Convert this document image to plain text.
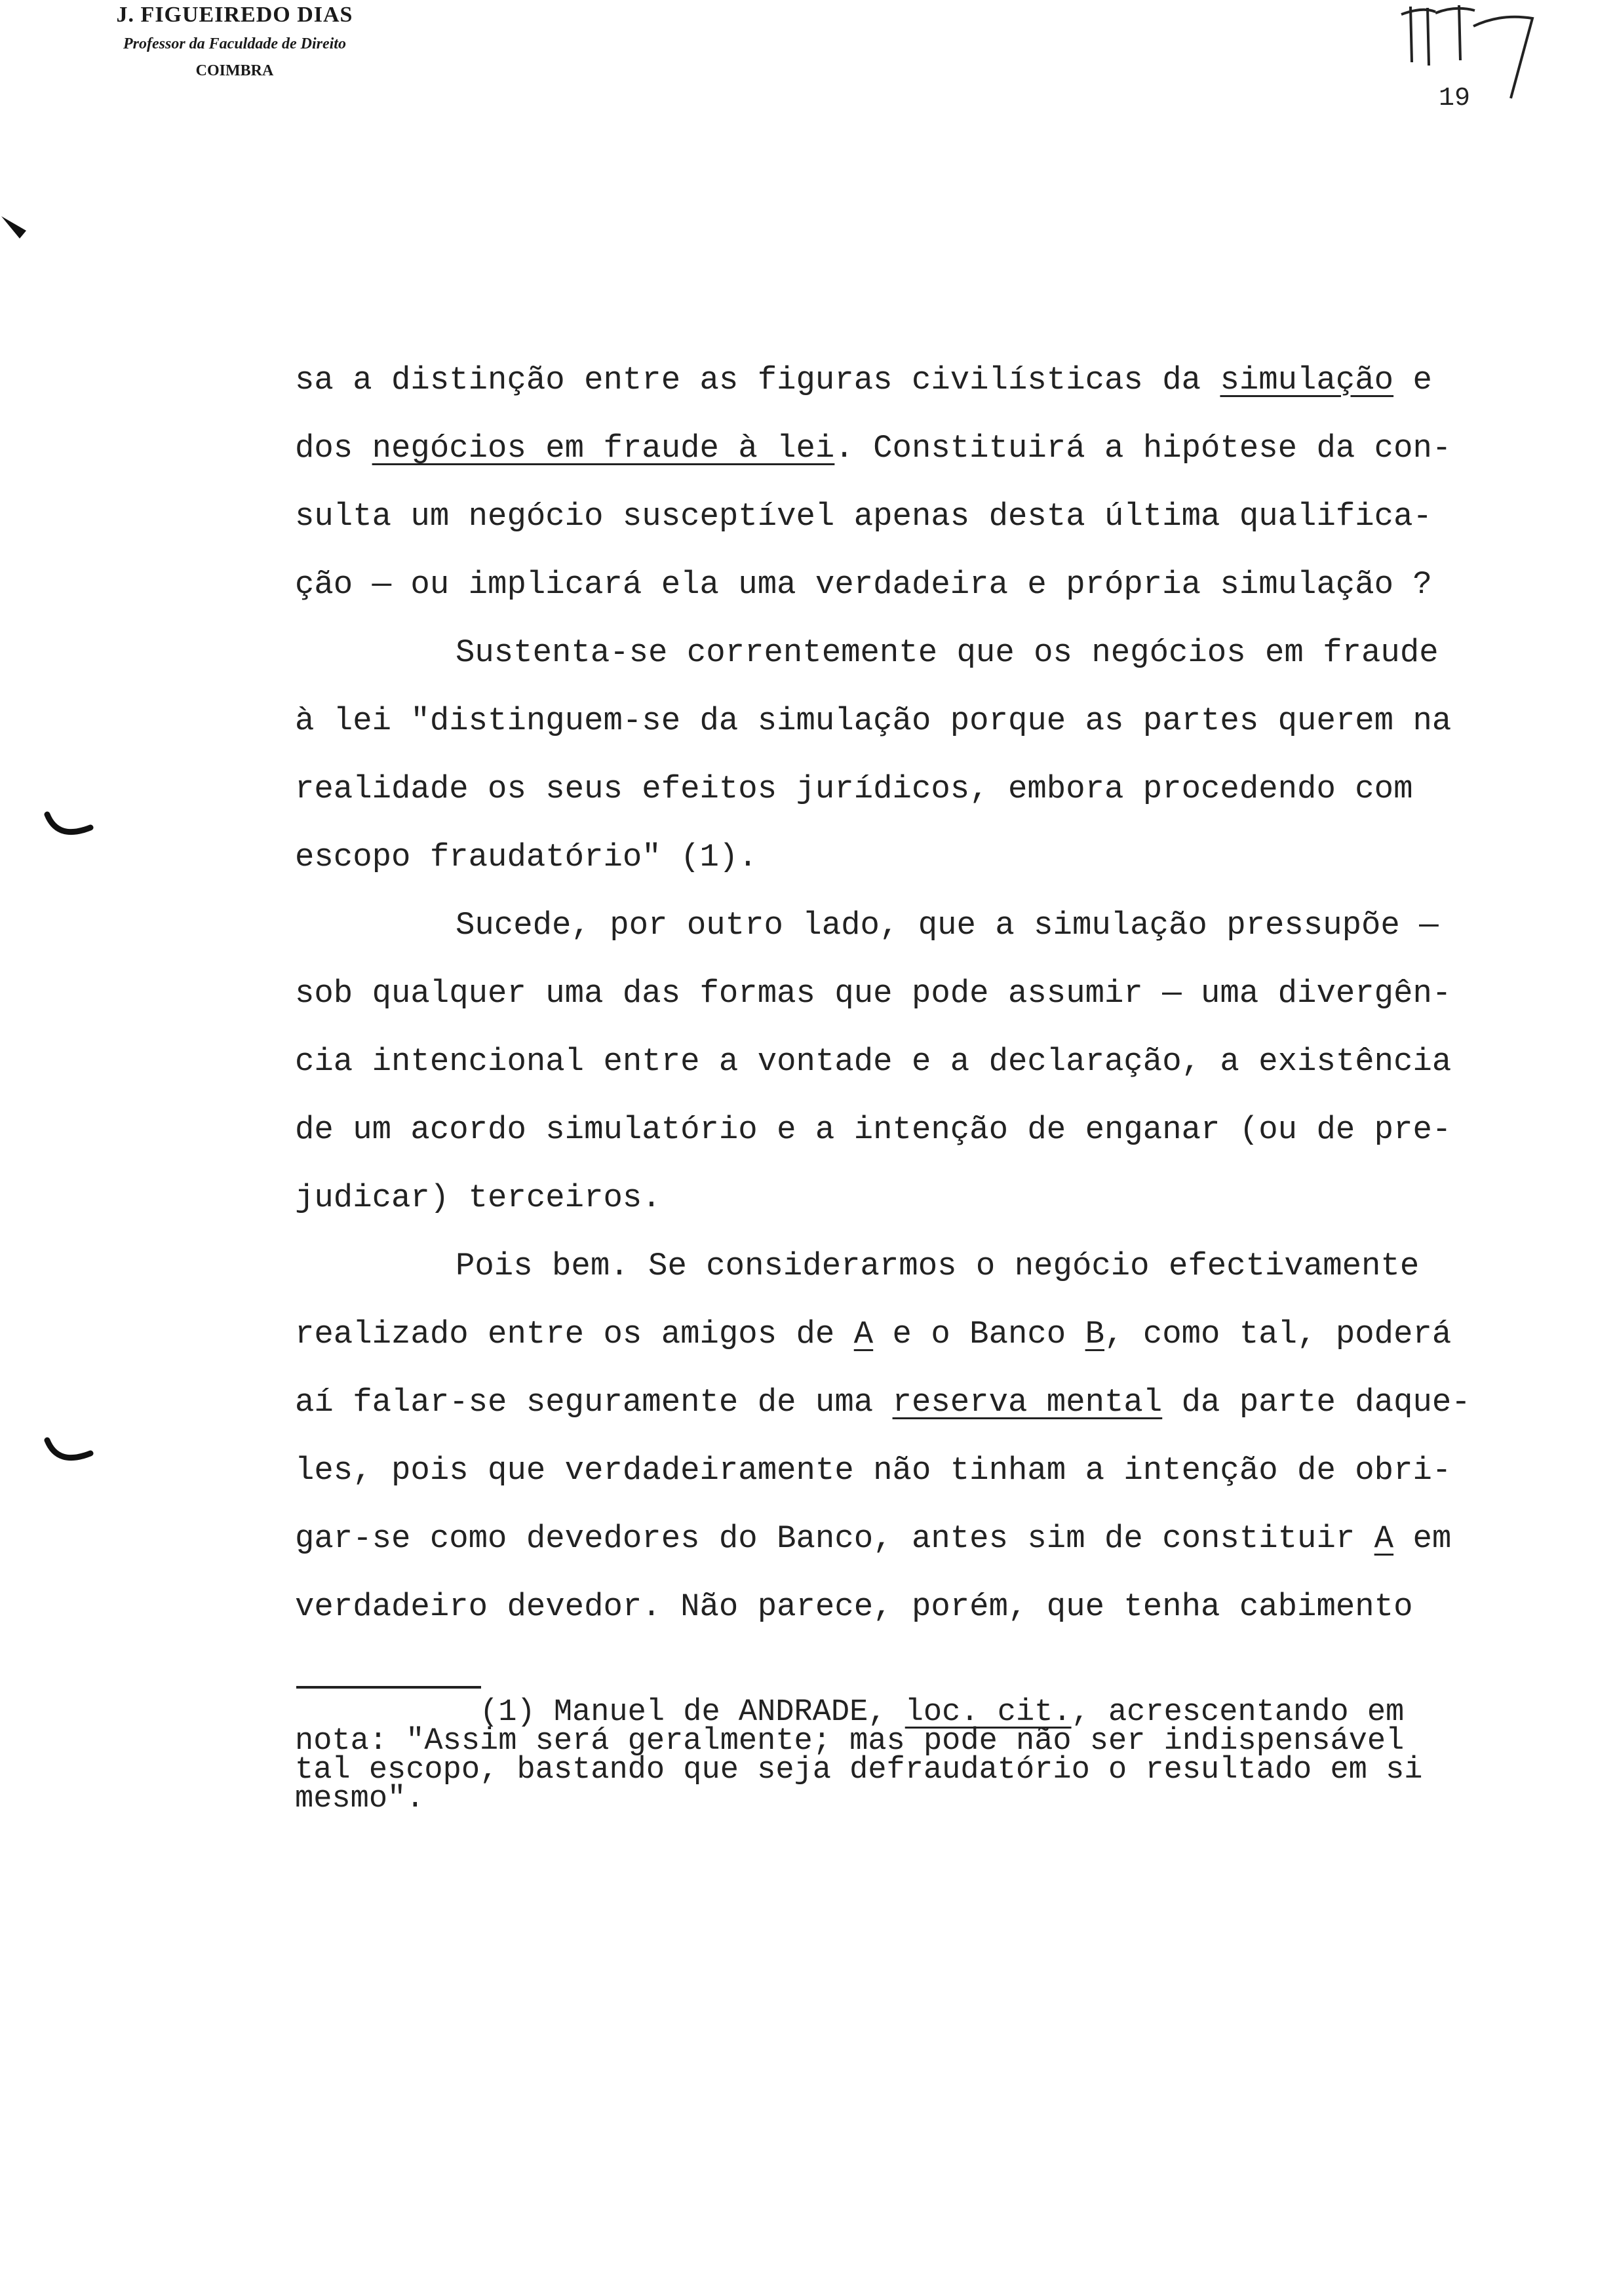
J. FIGUEIREDO DIAS
Professor da Faculdade de Direito
COIMBRA
19

sa a distinção entre as figuras civilísticas da simulação e
dos negócios em fraude à lei. Constituirá a hipótese da con-
sulta um negócio susceptível apenas desta última qualifica-
ção — ou implicará ela uma verdadeira e própria simulação ?

Sustenta-se correntemente que os negócios em fraude
à lei "distinguem-se da simulação porque as partes querem na
realidade os seus efeitos jurídicos, embora procedendo com
escopo fraudatório" (1).

Sucede, por outro lado, que a simulação pressupõe —
sob qualquer uma das formas que pode assumir — uma divergên-
cia intencional entre a vontade e a declaração, a existência
de um acordo simulatório e a intenção de enganar (ou de pre-
judicar) terceiros.

Pois bem. Se considerarmos o negócio efectivamente
realizado entre os amigos de A e o Banco B, como tal, poderá
aí falar-se seguramente de uma reserva mental da parte daque-
les, pois que verdadeiramente não tinham a intenção de obri-
gar-se como devedores do Banco, antes sim de constituir A em
verdadeiro devedor. Não parece, porém, que tenha cabimento

(1) Manuel de ANDRADE, loc. cit., acrescentando em
nota: "Assim será geralmente; mas pode não ser indispensável
tal escopo, bastando que seja defraudatório o resultado em si
mesmo".
